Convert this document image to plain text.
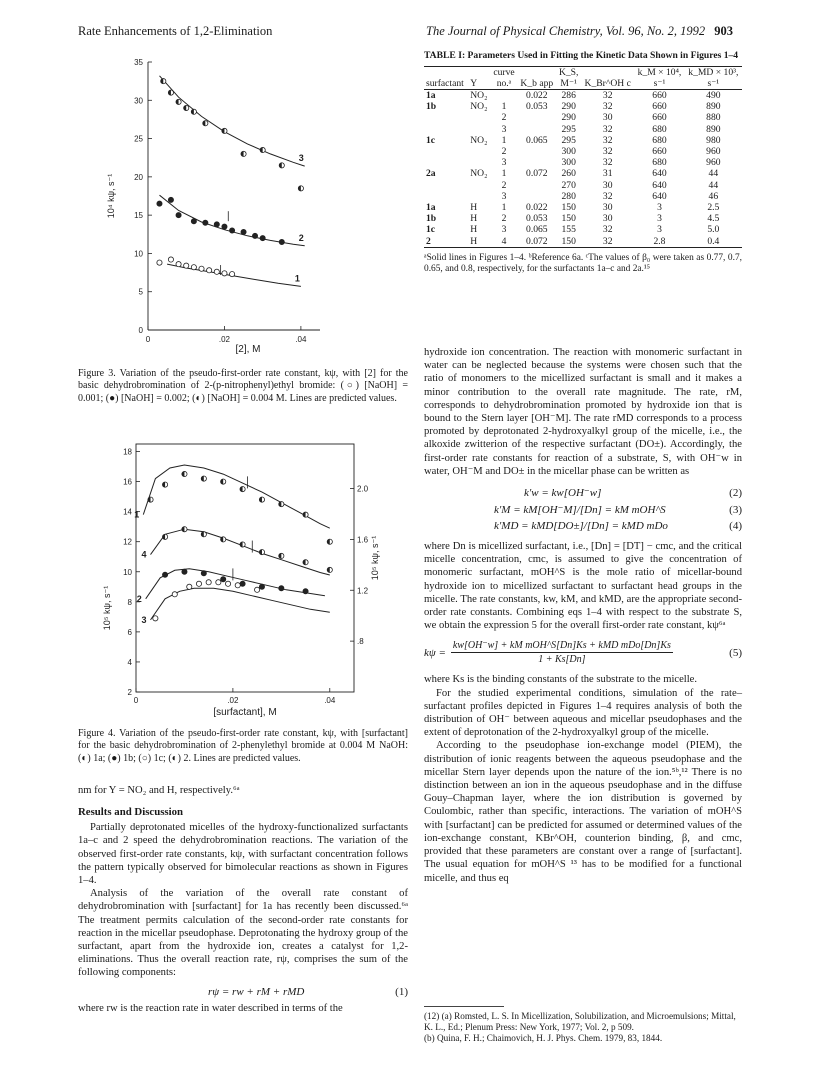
Rate Enhancements of 1,2-Elimination	The Journal of Physical Chemistry, Vol. 96, No. 2, 1992 903
0
5
10
15
20
25
30
35
0	.02	.04
[2], M
10⁴ kψ, s⁻¹
3
2
1

Figure 3. Variation of the pseudo-first-order rate constant, kψ, with [2] for the basic dehydrobromination of 2-(p-nitrophenyl)ethyl bromide: (○) [NaOH] = 0.001; (●) [NaOH] = 0.002; (◐) [NaOH] = 0.004 M. Lines are predicted values.

2
4
6
8
10
12
14
16
18
2.0
1.6
1.2
.8
0	.02	.04
[surfactant], M
10⁵ kψ, s⁻¹
10⁵ kψ, s⁻¹
1
4
2
3

Figure 4. Variation of the pseudo-first-order rate constant, kψ, with [surfactant] for the basic dehydrobromination of 2-phenylethyl bromide at 0.004 M NaOH: (◐) 1a; (●) 1b; (○) 1c; (◐) 2. Lines are predicted values.

nm for Y = NO₂ and H, respectively.⁶ᵃ

Results and Discussion

Partially deprotonated micelles of the hydroxy-functionalized surfactants 1a–c and 2 speed the dehydrobromination reactions. The variation of the observed first-order rate constants, kψ, with surfactant concentration follows the pattern typically observed for bimolecular reactions as shown in Figures 1–4.

Analysis of the variation of the overall rate constant of dehydrobromination with [surfactant] for 1a has recently been discussed.⁶ᵃ The treatment permits calculation of the second-order rate constants for reaction in the micellar pseudophase. Deprotonating the hydroxy group of the surfactant, apart from the hydroxide ion, creates a catalyst for 1,2-eliminations. Thus the overall reaction rate, rψ, comprises the sum of the following components:

rψ = rw + rM + rMD	(1)

where rw is the reaction rate in water described in terms of the

TABLE I: Parameters Used in Fitting the Kinetic Data Shown in Figures 1–4
		curve		K_S,		k_M × 10⁴,	k_MD × 10³,
surfactant	Y	no.ᵃ	K_b app	M⁻¹	K_Br^OH c	s⁻¹	s⁻¹
1a	NO₂		0.022	286	32	660	490
1b	NO₂	1	0.053	290	32	660	890
		2		290	30	660	880
		3		295	32	680	890
1c	NO₂	1	0.065	295	32	680	980
		2		300	32	660	960
		3		300	32	680	960
2a	NO₂	1	0.072	260	31	640	44
		2		270	30	640	44
		3		280	32	640	46
1a	H	1	0.022	150	30	3	2.5
1b	H	2	0.053	150	30	3	4.5
1c	H	3	0.065	155	32	3	5.0
2	H	4	0.072	150	32	2.8	0.4
ᵃSolid lines in Figures 1–4. ᵇReference 6a. ᶜThe values of β₀ were taken as 0.77, 0.7, 0.65, and 0.8, respectively, for the surfactants 1a–c and 2a.¹⁵

hydroxide ion concentration. The reaction with monomeric surfactant in water can be neglected because the systems were chosen such that the ratio of monomers to the micellized surfactant is small and it makes a minor contribution to the overall rate magnitude. The rate, rM, corresponds to dehydrobromination promoted by hydroxide ion that is bound to the Stern layer [OH⁻M]. The rate rMD corresponds to a process promoted by deprotonated 2-hydroxyalkyl group of the micelle, i.e., the alkoxide zwitterion of the respective surfactant (DO±). Accordingly, the first-order rate constants for reaction of a substrate, S, with OH⁻w in water, OH⁻M and DO± in the micellar phase can be written as

k′w = kw[OH⁻w]	(2)
k′M = kM[OH⁻M]/[Dn] = kM mOH^S	(3)
k′MD = kMD[DO±]/[Dn] = kMD mDo	(4)

where Dn is micellized surfactant, i.e., [Dn] = [DT] − cmc, and the critical micelle concentration, cmc, is assumed to give the concentration of monomeric surfactant, mOH^S is the mole ratio of micellar-bound hydroxide ion to micellized surfactant to surfactant head groups in the micelle. The rate constants, kw, kM, and kMD, are the appropriate second-order rate constants. Combining eqs 1–4 with respect to the substrate S, we obtain the expression 5 for the overall first-order rate constant, kψ⁶ᵃ

kψ =
kw[OH⁻w] + kM mOH^S[Dn]Ks + kMD mDo[Dn]Ks
1 + Ks[Dn]
(5)

where Ks is the binding constants of the substrate to the micelle.

For the studied experimental conditions, simulation of the rate–surfactant profiles depicted in Figures 1–4 requires analysis of both the distribution of OH⁻ between aqueous and micellar pseudophases and the extent of deprotonation of the 2-hydroxyalkyl group of the micelle.

According to the pseudophase ion-exchange model (PIEM), the distribution of ionic reagents between the aqueous pseudophase and the micellar Stern layer depends upon the nature of the ion.⁵ᵇ,¹² There is no distinction between an ion in the aqueous pseudophase and in the diffuse Gouy–Chapman layer, where the ion distribution is governed by Coulombic, rather than specific, interactions. The variation of mOH^S with [surfactant] can be predicted for assumed or determined values of the ion-exchange constant, KBr^OH, counterion binding, β, and cmc, provided that these parameters are constant over a range of [surfactant]. The usual equation for mOH^S ¹³ has to be modified for a functional micelle, and thus eq

(12) (a) Romsted, L. S. In Micellization, Solubilization, and Microemulsions; Mittal, K. L., Ed.; Plenum Press: New York, 1977; Vol. 2, p 509.
(b) Quina, F. H.; Chaimovich, H. J. Phys. Chem. 1979, 83, 1844.
